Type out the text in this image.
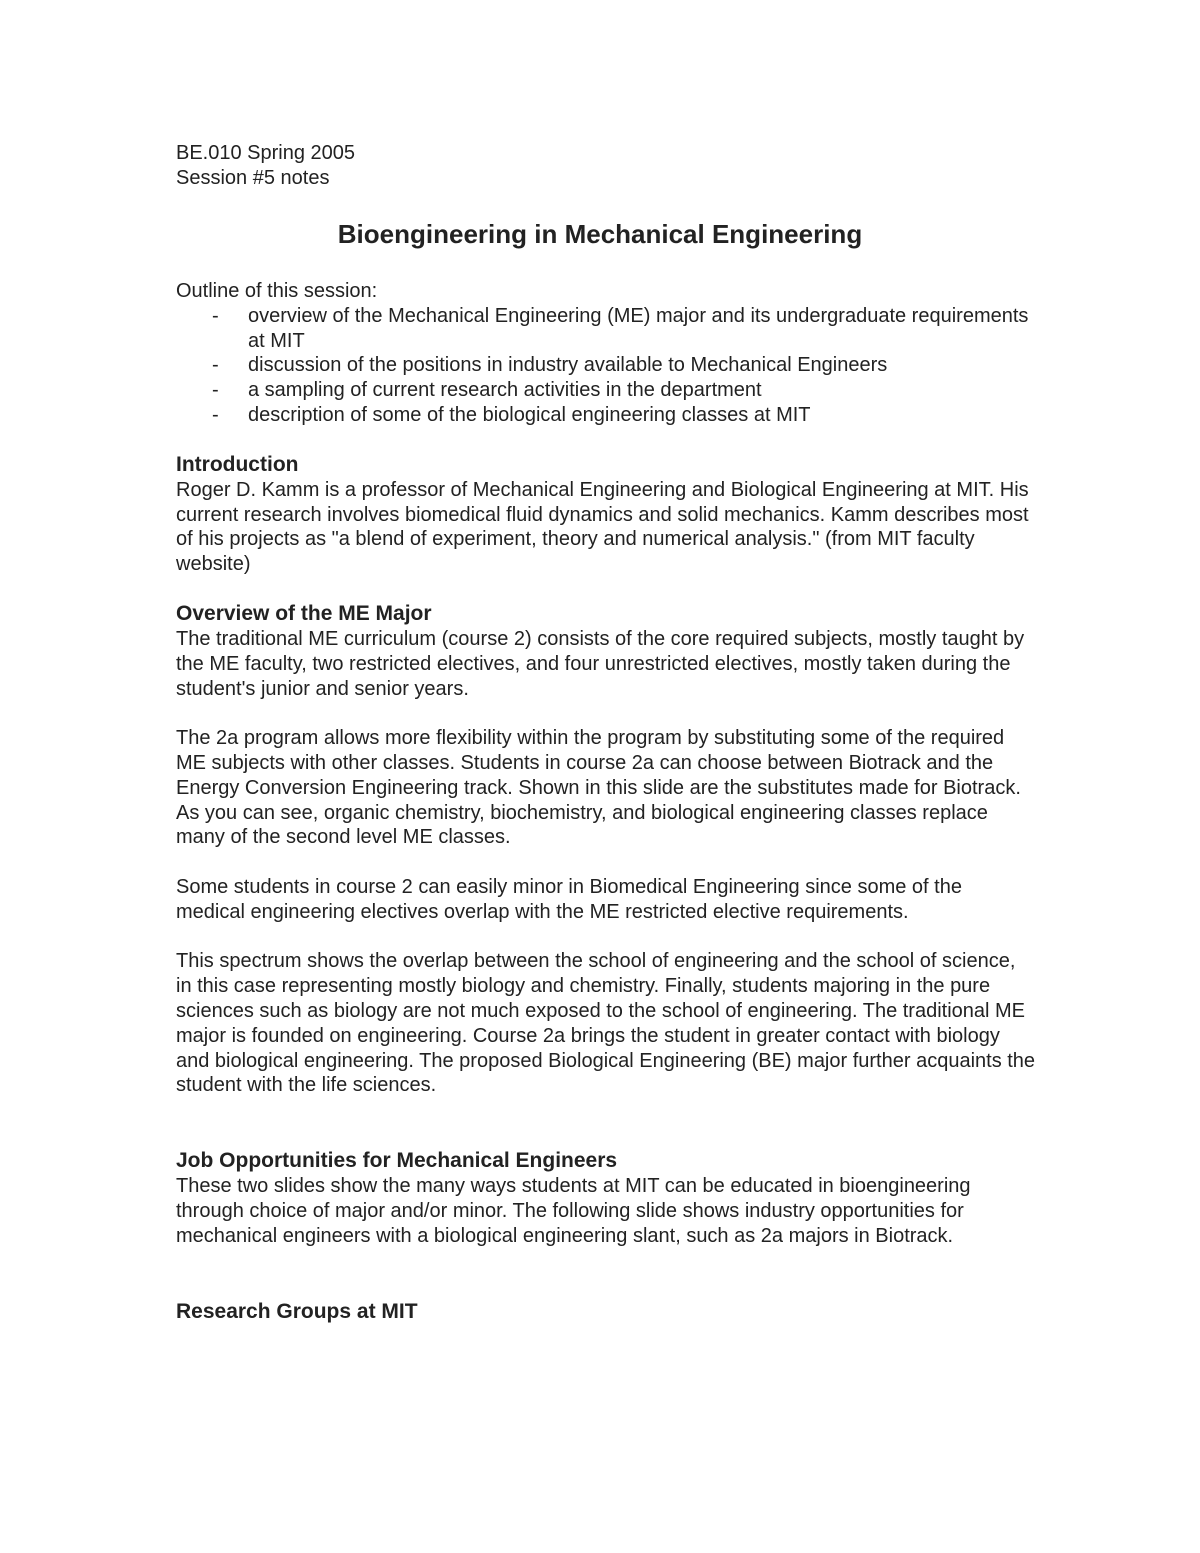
BE.010 Spring 2005

Session #5 notes

Bioengineering in Mechanical Engineering

Outline of this session:

- overview of the Mechanical Engineering (ME) major and its undergraduate requirements at MIT
- discussion of the positions in industry available to Mechanical Engineers
- a sampling of current research activities in the department
- description of some of the biological engineering classes at MIT
Introduction

Roger D. Kamm is a professor of Mechanical Engineering and Biological Engineering at MIT. His current research involves biomedical fluid dynamics and solid mechanics. Kamm describes most of his projects as "a blend of experiment, theory and numerical analysis." (from MIT faculty website)

Overview of the ME Major

The traditional ME curriculum (course 2) consists of the core required subjects, mostly taught by the ME faculty, two restricted electives, and four unrestricted electives, mostly taken during the student's junior and senior years.

The 2a program allows more flexibility within the program by substituting some of the required ME subjects with other classes. Students in course 2a can choose between Biotrack and the Energy Conversion Engineering track. Shown in this slide are the substitutes made for Biotrack. As you can see, organic chemistry, biochemistry, and biological engineering classes replace many of the second level ME classes.

Some students in course 2 can easily minor in Biomedical Engineering since some of the medical engineering electives overlap with the ME restricted elective requirements.

This spectrum shows the overlap between the school of engineering and the school of science, in this case representing mostly biology and chemistry. Finally, students majoring in the pure sciences such as biology are not much exposed to the school of engineering. The traditional ME major is founded on engineering. Course 2a brings the student in greater contact with biology and biological engineering. The proposed Biological Engineering (BE) major further acquaints the student with the life sciences.

Job Opportunities for Mechanical Engineers

These two slides show the many ways students at MIT can be educated in bioengineering through choice of major and/or minor. The following slide shows industry opportunities for mechanical engineers with a biological engineering slant, such as 2a majors in Biotrack.

Research Groups at MIT
